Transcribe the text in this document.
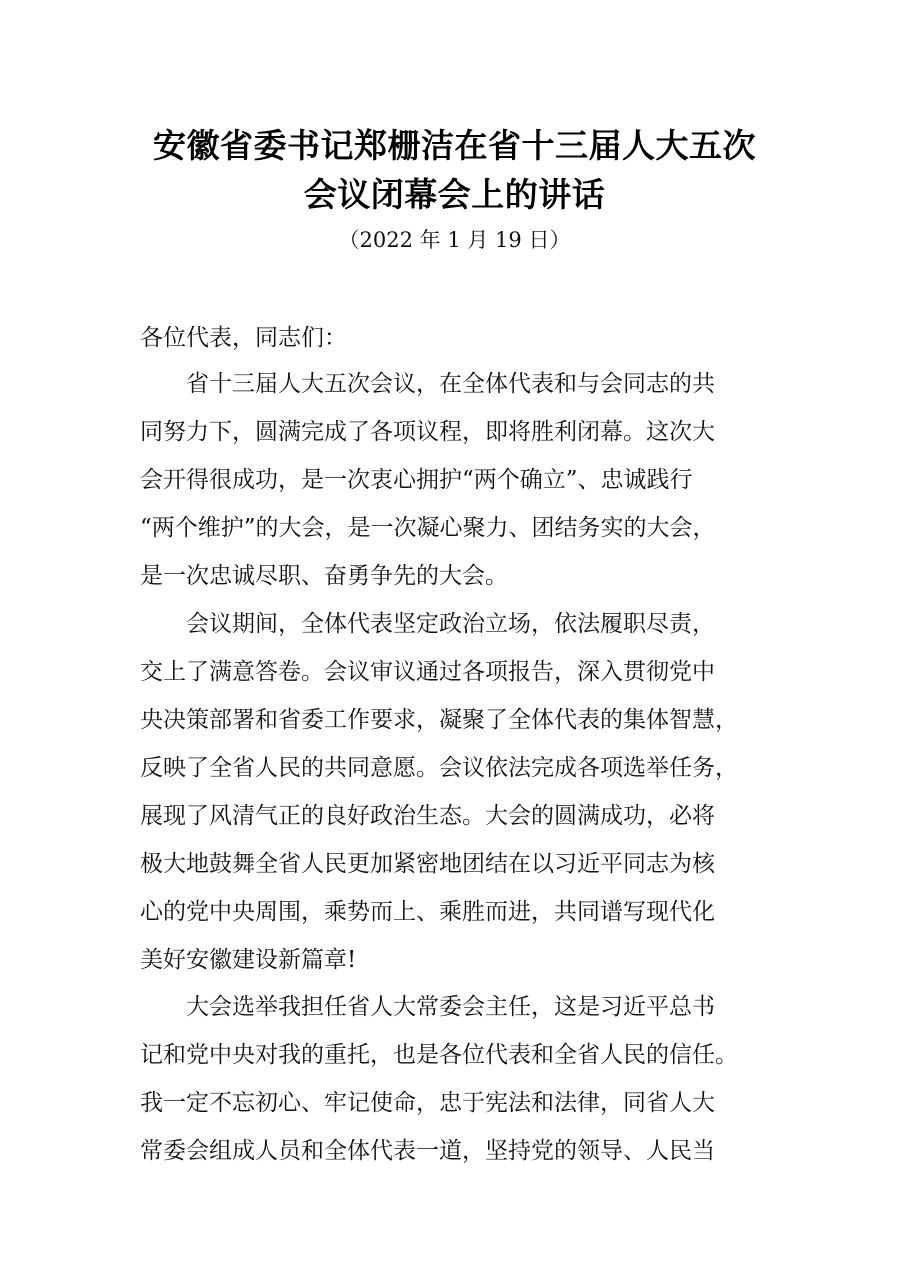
安徽省委书记郑栅洁在省十三届人大五次
会议闭幕会上的讲话
（2022 年 1 月 19 日）
各位代表，同志们：
　　省十三届人大五次会议，在全体代表和与会同志的共
同努力下，圆满完成了各项议程，即将胜利闭幕。这次大
会开得很成功，是一次衷心拥护“两个确立”、忠诚践行
“两个维护”的大会，是一次凝心聚力、团结务实的大会，
是一次忠诚尽职、奋勇争先的大会。
　　会议期间，全体代表坚定政治立场，依法履职尽责，
交上了满意答卷。会议审议通过各项报告，深入贯彻党中
央决策部署和省委工作要求，凝聚了全体代表的集体智慧，
反映了全省人民的共同意愿。会议依法完成各项选举任务，
展现了风清气正的良好政治生态。大会的圆满成功，必将
极大地鼓舞全省人民更加紧密地团结在以习近平同志为核
心的党中央周围，乘势而上、乘胜而进，共同谱写现代化
美好安徽建设新篇章!
　　大会选举我担任省人大常委会主任，这是习近平总书
记和党中央对我的重托，也是各位代表和全省人民的信任。
我一定不忘初心、牢记使命，忠于宪法和法律，同省人大
常委会组成人员和全体代表一道，坚持党的领导、人民当
